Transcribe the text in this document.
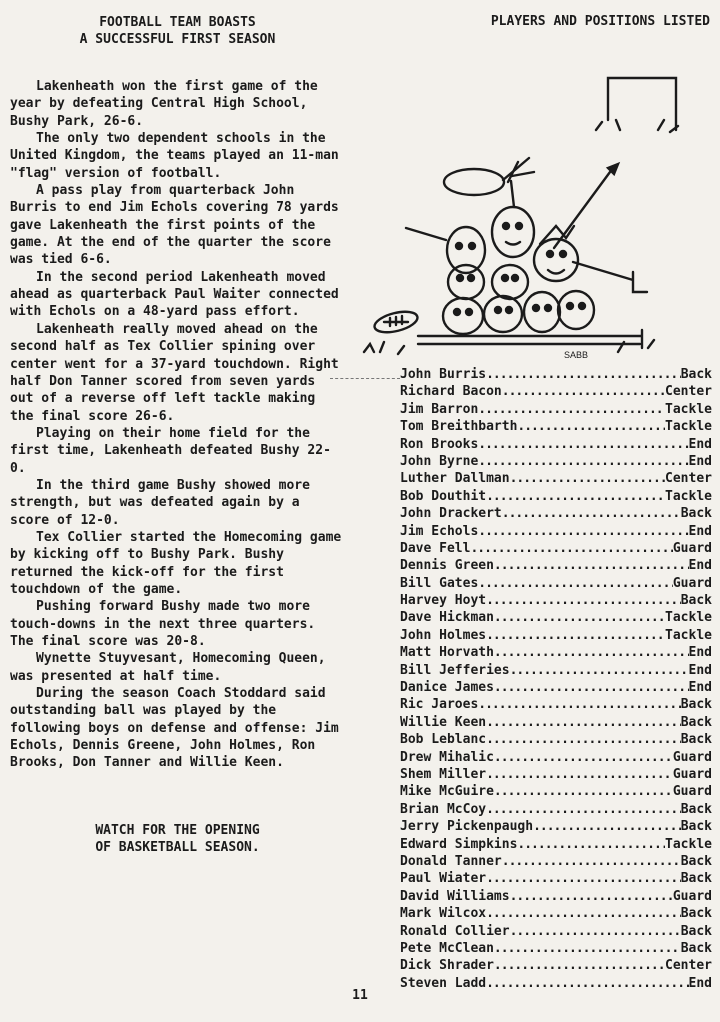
FOOTBALL TEAM BOASTS
A SUCCESSFUL FIRST SEASON

Lakenheath won the first game of the year by defeating Central High School, Bushy Park, 26-6.

The only two dependent schools in the United Kingdom, the teams played an 11-man "flag" version of football.

A pass play from quarterback John Burris to end Jim Echols covering 78 yards gave Lakenheath the first points of the game. At the end of the quarter the score was tied 6-6.

In the second period Lakenheath moved ahead as quarterback Paul Waiter connected with Echols on a 48-yard pass effort.

Lakenheath really moved ahead on the second half as Tex Collier spining over center went for a 37-yard touchdown. Right half Don Tanner scored from seven yards out of a reverse off left tackle making the final score 26-6.

Playing on their home field for the first time, Lakenheath defeated Bushy 22-0.

In the third game Bushy showed more strength, but was defeated again by a score of 12-0.

Tex Collier started the Homecoming game by kicking off to Bushy Park. Bushy returned the kick-off for the first touchdown of the game.

Pushing forward Bushy made two more touch-downs in the next three quarters. The final score was 20-8.

Wynette Stuyvesant, Homecoming Queen, was presented at half time.

During the season Coach Stoddard said outstanding ball was played by the following boys on defense and offense: Jim Echols, Dennis Greene, John Holmes, Ron Brooks, Don Tanner and Willie Keen.

WATCH FOR THE OPENING
OF BASKETBALL SEASON.
PLAYERS AND POSITIONS LISTED
SABB
John Burris .....	Back
Richard Bacon .....	Center
Jim Barron .....	Tackle
Tom Breithbarth .....	Tackle
Ron Brooks .....	End
John Byrne .....	End
Luther Dallman .....	Center
Bob Douthit .....	Tackle
John Drackert .....	Back
Jim Echols .....	End
Dave Fell .....	Guard
Dennis Green .....	End
Bill Gates .....	Guard
Harvey Hoyt .....	Back
Dave Hickman .....	Tackle
John Holmes .....	Tackle
Matt Horvath .....	End
Bill Jefferies .....	End
Danice James .....	End
Ric Jaroes .....	Back
Willie Keen .....	Back
Bob Leblanc .....	Back
Drew Mihalic .....	Guard
Shem Miller .....	Guard
Mike McGuire .....	Guard
Brian McCoy .....	Back
Jerry Pickenpaugh .....	Back
Edward Simpkins .....	Tackle
Donald Tanner .....	Back
Paul Wiater .....	Back
David Williams .....	Guard
Mark Wilcox .....	Back
Ronald Collier .....	Back
Pete McClean .....	Back
Dick Shrader .....	Center
Steven Ladd .....	End
11
